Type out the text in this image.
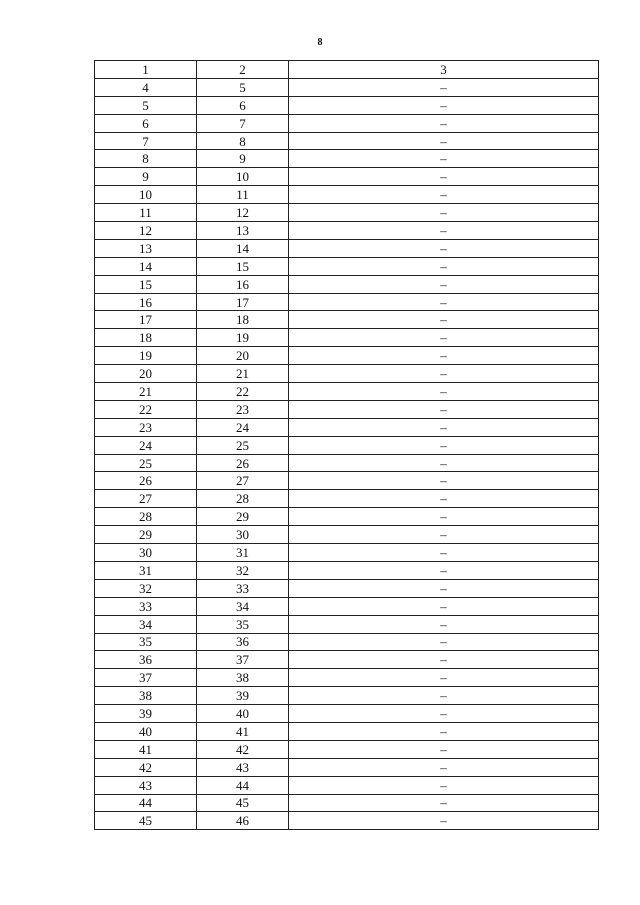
8
1	2	3
4	5	–
5	6	–
6	7	–
7	8	–
8	9	–
9	10	–
10	11	–
11	12	–
12	13	–
13	14	–
14	15	–
15	16	–
16	17	–
17	18	–
18	19	–
19	20	–
20	21	–
21	22	–
22	23	–
23	24	–
24	25	–
25	26	–
26	27	–
27	28	–
28	29	–
29	30	–
30	31	–
31	32	–
32	33	–
33	34	–
34	35	–
35	36	–
36	37	–
37	38	–
38	39	–
39	40	–
40	41	–
41	42	–
42	43	–
43	44	–
44	45	–
45	46	–
